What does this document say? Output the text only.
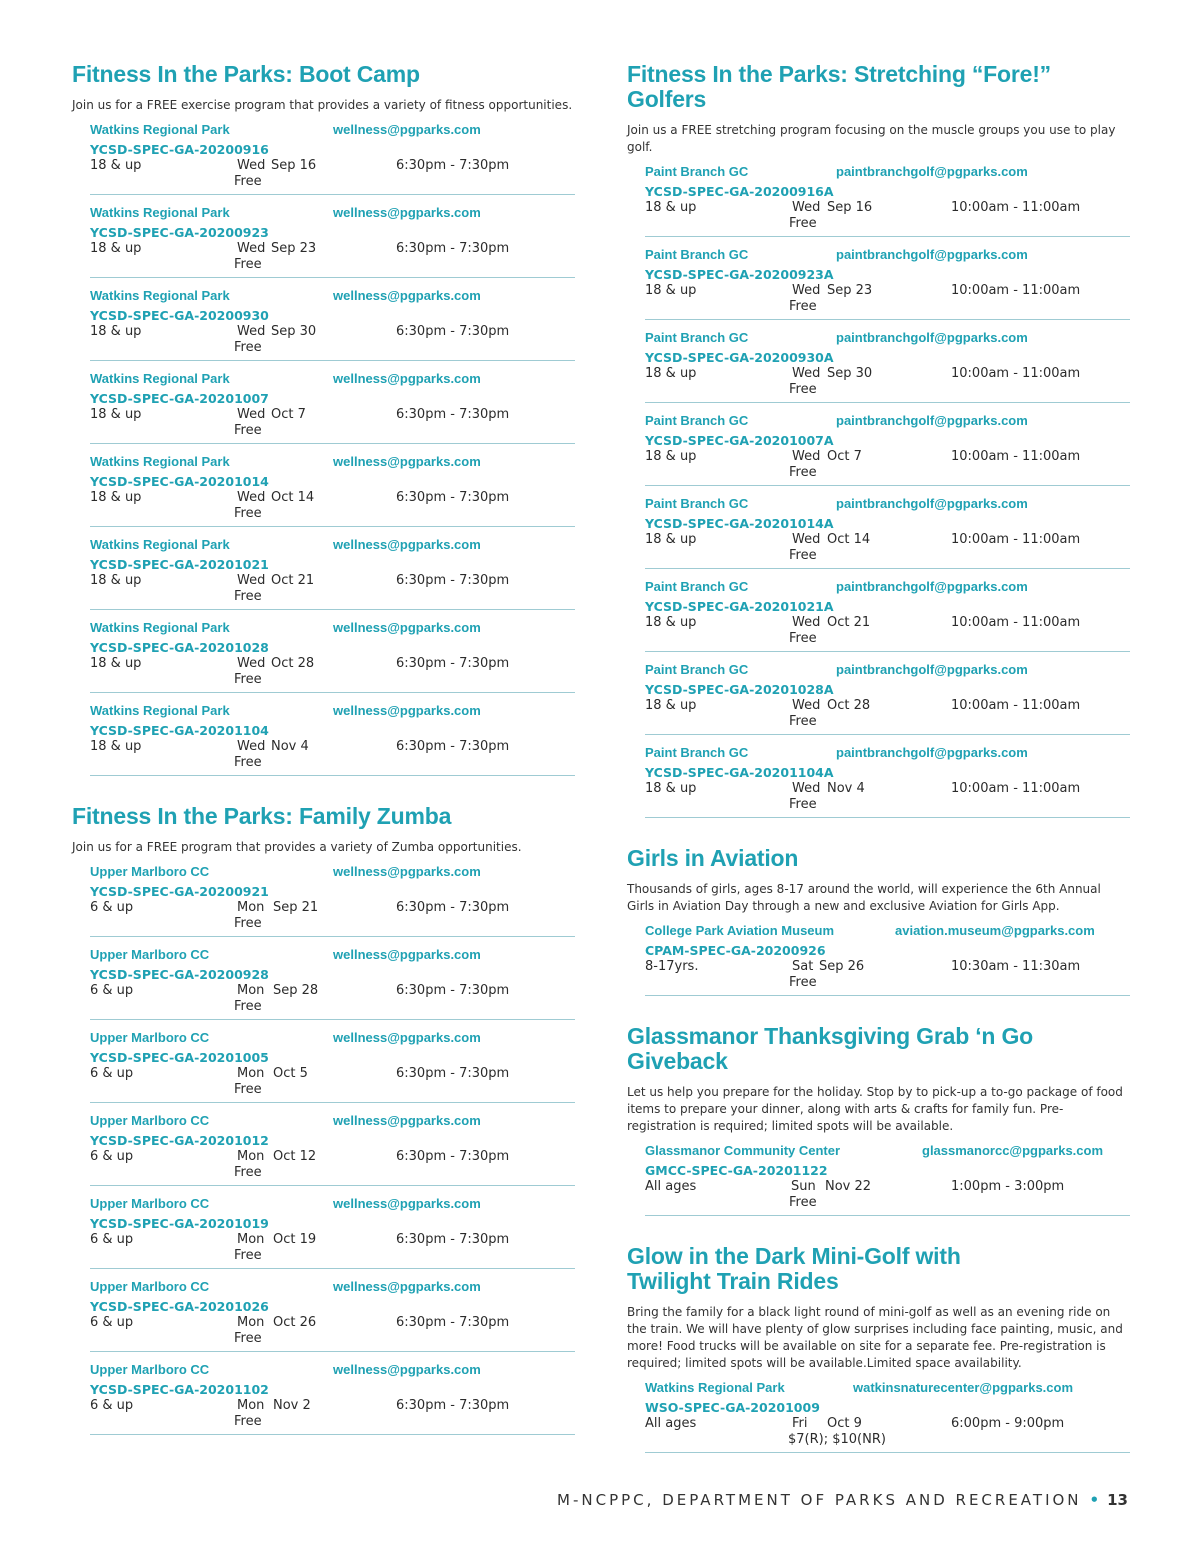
Fitness In the Parks: Boot Camp
Join us for a FREE exercise program that provides a variety of fitness opportunities.
Watkins Regional Park	wellness@pgparks.com
YCSD-SPEC-GA-20200916
18 & up	Wed Sep 16	6:30pm - 7:30pm
Free
Watkins Regional Park	wellness@pgparks.com
YCSD-SPEC-GA-20200923
18 & up	Wed Sep 23	6:30pm - 7:30pm
Free
Watkins Regional Park	wellness@pgparks.com
YCSD-SPEC-GA-20200930
18 & up	Wed Sep 30	6:30pm - 7:30pm
Free
Watkins Regional Park	wellness@pgparks.com
YCSD-SPEC-GA-20201007
18 & up	Wed Oct 7	6:30pm - 7:30pm
Free
Watkins Regional Park	wellness@pgparks.com
YCSD-SPEC-GA-20201014
18 & up	Wed Oct 14	6:30pm - 7:30pm
Free
Watkins Regional Park	wellness@pgparks.com
YCSD-SPEC-GA-20201021
18 & up	Wed Oct 21	6:30pm - 7:30pm
Free
Watkins Regional Park	wellness@pgparks.com
YCSD-SPEC-GA-20201028
18 & up	Wed Oct 28	6:30pm - 7:30pm
Free
Watkins Regional Park	wellness@pgparks.com
YCSD-SPEC-GA-20201104
18 & up	Wed Nov 4	6:30pm - 7:30pm
Free
Fitness In the Parks: Family Zumba
Join us for a FREE program that provides a variety of Zumba opportunities.
Upper Marlboro CC	wellness@pgparks.com
YCSD-SPEC-GA-20200921
6 & up	Mon Sep 21	6:30pm - 7:30pm
Free
Upper Marlboro CC	wellness@pgparks.com
YCSD-SPEC-GA-20200928
6 & up	Mon Sep 28	6:30pm - 7:30pm
Free
Upper Marlboro CC	wellness@pgparks.com
YCSD-SPEC-GA-20201005
6 & up	Mon Oct 5	6:30pm - 7:30pm
Free
Upper Marlboro CC	wellness@pgparks.com
YCSD-SPEC-GA-20201012
6 & up	Mon Oct 12	6:30pm - 7:30pm
Free
Upper Marlboro CC	wellness@pgparks.com
YCSD-SPEC-GA-20201019
6 & up	Mon Oct 19	6:30pm - 7:30pm
Free
Upper Marlboro CC	wellness@pgparks.com
YCSD-SPEC-GA-20201026
6 & up	Mon Oct 26	6:30pm - 7:30pm
Free
Upper Marlboro CC	wellness@pgparks.com
YCSD-SPEC-GA-20201102
6 & up	Mon Nov 2	6:30pm - 7:30pm
Free
Fitness In the Parks: Stretching “Fore!” Golfers
Join us a FREE stretching program focusing on the muscle groups you use to play golf.
Paint Branch GC	paintbranchgolf@pgparks.com
YCSD-SPEC-GA-20200916A
18 & up	Wed Sep 16	10:00am - 11:00am
Free
Paint Branch GC	paintbranchgolf@pgparks.com
YCSD-SPEC-GA-20200923A
18 & up	Wed Sep 23	10:00am - 11:00am
Free
Paint Branch GC	paintbranchgolf@pgparks.com
YCSD-SPEC-GA-20200930A
18 & up	Wed Sep 30	10:00am - 11:00am
Free
Paint Branch GC	paintbranchgolf@pgparks.com
YCSD-SPEC-GA-20201007A
18 & up	Wed Oct 7	10:00am - 11:00am
Free
Paint Branch GC	paintbranchgolf@pgparks.com
YCSD-SPEC-GA-20201014A
18 & up	Wed Oct 14	10:00am - 11:00am
Free
Paint Branch GC	paintbranchgolf@pgparks.com
YCSD-SPEC-GA-20201021A
18 & up	Wed Oct 21	10:00am - 11:00am
Free
Paint Branch GC	paintbranchgolf@pgparks.com
YCSD-SPEC-GA-20201028A
18 & up	Wed Oct 28	10:00am - 11:00am
Free
Paint Branch GC	paintbranchgolf@pgparks.com
YCSD-SPEC-GA-20201104A
18 & up	Wed Nov 4	10:00am - 11:00am
Free
Girls in Aviation
Thousands of girls, ages 8-17 around the world, will experience the 6th Annual Girls in Aviation Day through a new and exclusive Aviation for Girls App.
College Park Aviation Museum	aviation.museum@pgparks.com
CPAM-SPEC-GA-20200926
8-17yrs.	Sat Sep 26	10:30am - 11:30am
Free
Glassmanor Thanksgiving Grab ‘n Go Giveback
Let us help you prepare for the holiday. Stop by to pick-up a to-go package of food items to prepare your dinner, along with arts & crafts for family fun. Pre-registration is required; limited spots will be available.
Glassmanor Community Center	glassmanorcc@pgparks.com
GMCC-SPEC-GA-20201122
All ages	Sun Nov 22	1:00pm - 3:00pm
Free
Glow in the Dark Mini-Golf with
Twilight Train Rides
Bring the family for a black light round of mini-golf as well as an evening ride on the train. We will have plenty of glow surprises including face painting, music, and more! Food trucks will be available on site for a separate fee. Pre-registration is required; limited spots will be available.Limited space availability.
Watkins Regional Park	watkinsnaturecenter@pgparks.com
WSO-SPEC-GA-20201009
All ages	Fri Oct 9	6:00pm - 9:00pm
$7(R); $10(NR)
M-NCPPC, DEPARTMENT OF PARKS AND RECREATION • 13
